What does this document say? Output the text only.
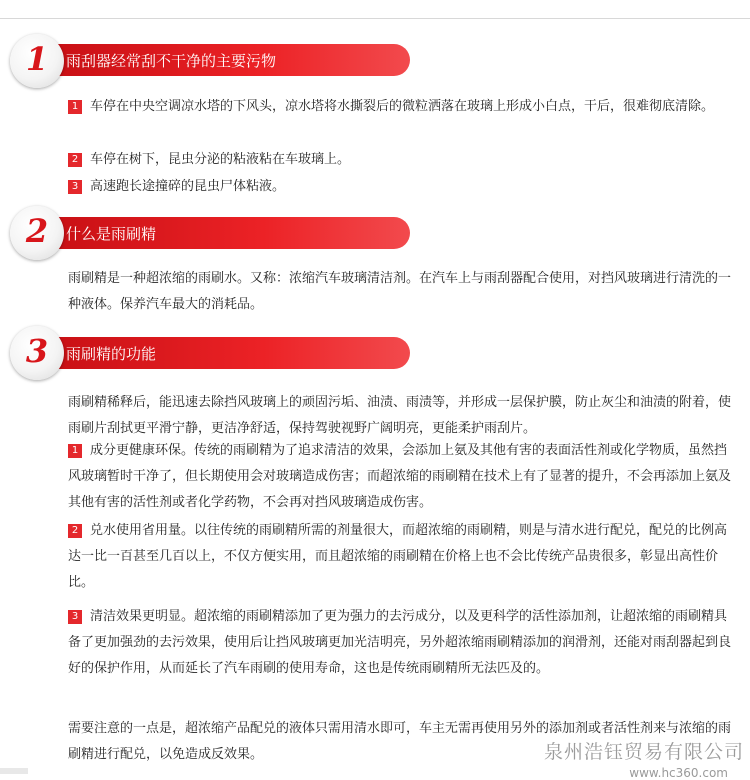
雨刮器经常刮不干净的主要污物
1
1 车停在中央空调凉水塔的下风头，凉水塔将水撕裂后的微粒洒落在玻璃上形成小白点，干后，很难彻底清除。
2 车停在树下，昆虫分泌的粘液粘在车玻璃上。
3 高速跑长途撞碎的昆虫尸体粘液。
什么是雨刷精
2
雨刷精是一种超浓缩的雨刷水。又称：浓缩汽车玻璃清洁剂。在汽车上与雨刮器配合使用，对挡风玻璃进行清洗的一种液体。保养汽车最大的消耗品。
雨刷精的功能
3
雨刷精稀释后，能迅速去除挡风玻璃上的顽固污垢、油渍、雨渍等，并形成一层保护膜，防止灰尘和油渍的附着，使雨刷片刮拭更平滑宁静，更洁净舒适，保持驾驶视野广阔明亮，更能柔护雨刮片。
1 成分更健康环保。传统的雨刷精为了追求清洁的效果，会添加上氨及其他有害的表面活性剂或化学物质，虽然挡风玻璃暂时干净了，但长期使用会对玻璃造成伤害；而超浓缩的雨刷精在技术上有了显著的提升，不会再添加上氨及其他有害的活性剂或者化学药物，不会再对挡风玻璃造成伤害。
2 兑水使用省用量。以往传统的雨刷精所需的剂量很大，而超浓缩的雨刷精，则是与清水进行配兑，配兑的比例高达一比一百甚至几百以上，不仅方便实用，而且超浓缩的雨刷精在价格上也不会比传统产品贵很多，彰显出高性价比。
3 清洁效果更明显。超浓缩的雨刷精添加了更为强力的去污成分，以及更科学的活性添加剂，让超浓缩的雨刷精具备了更加强劲的去污效果，使用后让挡风玻璃更加光洁明亮，另外超浓缩雨刷精添加的润滑剂，还能对雨刮器起到良好的保护作用，从而延长了汽车雨刷的使用寿命，这也是传统雨刷精所无法匹及的。
需要注意的一点是，超浓缩产品配兑的液体只需用清水即可，车主无需再使用另外的添加剂或者活性剂来与浓缩的雨刷精进行配兑，以免造成反效果。	泉州浩钰贸易有限公司
www.hc360.com
